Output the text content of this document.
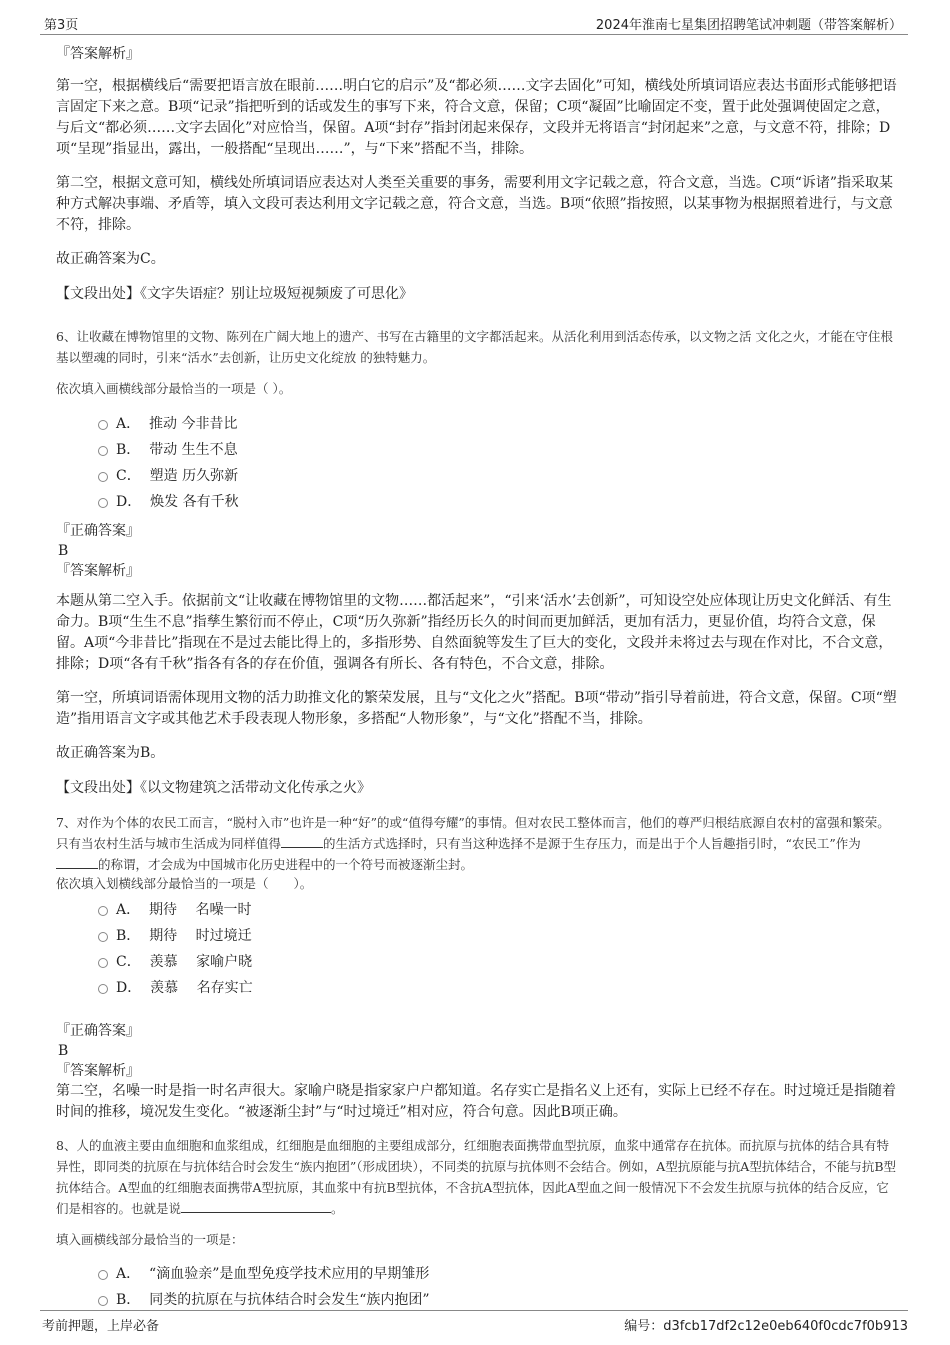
第3页	2024年淮南七星集团招聘笔试冲刺题（带答案解析）

『答案解析』

第一空，根据横线后“需要把语言放在眼前……明白它的启示”及“都必须……文字去固化”可知，横线处所填词语应表达书面形式能够把语言固定下来之意。B项“记录”指把听到的话或发生的事写下来，符合文意，保留；C项“凝固”比喻固定不变，置于此处强调使固定之意，与后文“都必须……文字去固化”对应恰当，保留。A项“封存”指封闭起来保存，文段并无将语言“封闭起来”之意，与文意不符，排除；D项“呈现”指显出，露出，一般搭配“呈现出……”，与“下来”搭配不当，排除。

第二空，根据文意可知，横线处所填词语应表达对人类至关重要的事务，需要利用文字记载之意，符合文意，当选。C项“诉诸”指采取某种方式解决事端、矛盾等，填入文段可表达利用文字记载之意，符合文意，当选。B项“依照”指按照，以某事物为根据照着进行，与文意不符，排除。

故正确答案为C。

【文段出处】《文字失语症？别让垃圾短视频废了可思化》

6、让收藏在博物馆里的文物、陈列在广阔大地上的遗产、书写在古籍里的文字都活起来。从活化利用到活态传承，以文物之活 文化之火，才能在守住根基以塑魂的同时，引来“活水”去创新，让历史文化绽放 的独特魅力。

依次填入画横线部分最恰当的一项是（ ）。

A． 推动 今非昔比
B． 带动 生生不息
C． 塑造 历久弥新
D． 焕发 各有千秋

『正确答案』

B

『答案解析』

本题从第二空入手。依据前文“让收藏在博物馆里的文物……都活起来”，“引来‘活水’去创新”，可知设空处应体现让历史文化鲜活、有生命力。B项“生生不息”指孳生繁衍而不停止，C项“历久弥新”指经历长久的时间而更加鲜活，更加有活力，更显价值，均符合文意，保留。A项“今非昔比”指现在不是过去能比得上的，多指形势、自然面貌等发生了巨大的变化，文段并未将过去与现在作对比，不合文意，排除；D项“各有千秋”指各有各的存在价值，强调各有所长、各有特色，不合文意，排除。

第一空，所填词语需体现用文物的活力助推文化的繁荣发展，且与“文化之火”搭配。B项“带动”指引导着前进，符合文意，保留。C项“塑造”指用语言文字或其他艺术手段表现人物形象，多搭配“人物形象”，与“文化”搭配不当，排除。

故正确答案为B。

【文段出处】《以文物建筑之活带动文化传承之火》

7、对作为个体的农民工而言，“脱村入市”也许是一种“好”的或“值得夸耀”的事情。但对农民工整体而言，他们的尊严归根结底源自农村的富强和繁荣。只有当农村生活与城市生活成为同样值得	的生活方式选择时，只有当这种选择不是源于生存压力，而是出于个人旨趣指引时，“农民工”作为的称谓，才会成为中国城市化历史进程中的一个符号而被逐渐尘封。

依次填入划横线部分最恰当的一项是（　　）。

A． 期待　 名噪一时
B． 期待　 时过境迁
C． 羡慕　 家喻户晓
D． 羡慕　 名存实亡

『正确答案』

B

『答案解析』

第二空，名噪一时是指一时名声很大。家喻户晓是指家家户户都知道。名存实亡是指名义上还有，实际上已经不存在。时过境迁是指随着时间的推移，境况发生变化。“被逐渐尘封”与“时过境迁”相对应，符合句意。因此B项正确。

8、人的血液主要由血细胞和血浆组成，红细胞是血细胞的主要组成部分，红细胞表面携带血型抗原，血浆中通常存在抗体。而抗原与抗体的结合具有特异性，即同类的抗原在与抗体结合时会发生“族内抱团”（形成团块），不同类的抗原与抗体则不会结合。例如，A型抗原能与抗A型抗体结合，不能与抗B型抗体结合。A型血的红细胞表面携带A型抗原，其血浆中有抗B型抗体，不含抗A型抗体，因此A型血之间一般情况下不会发生抗原与抗体的结合反应，它们是相容的。也就是说	。

填入画横线部分最恰当的一项是：

A． “滴血验亲”是血型免疫学技术应用的早期雏形
B． 同类的抗原在与抗体结合时会发生“族内抱团”
考前押题，上岸必备	编号：d3fcb17df2c12e0eb640f0cdc7f0b913
